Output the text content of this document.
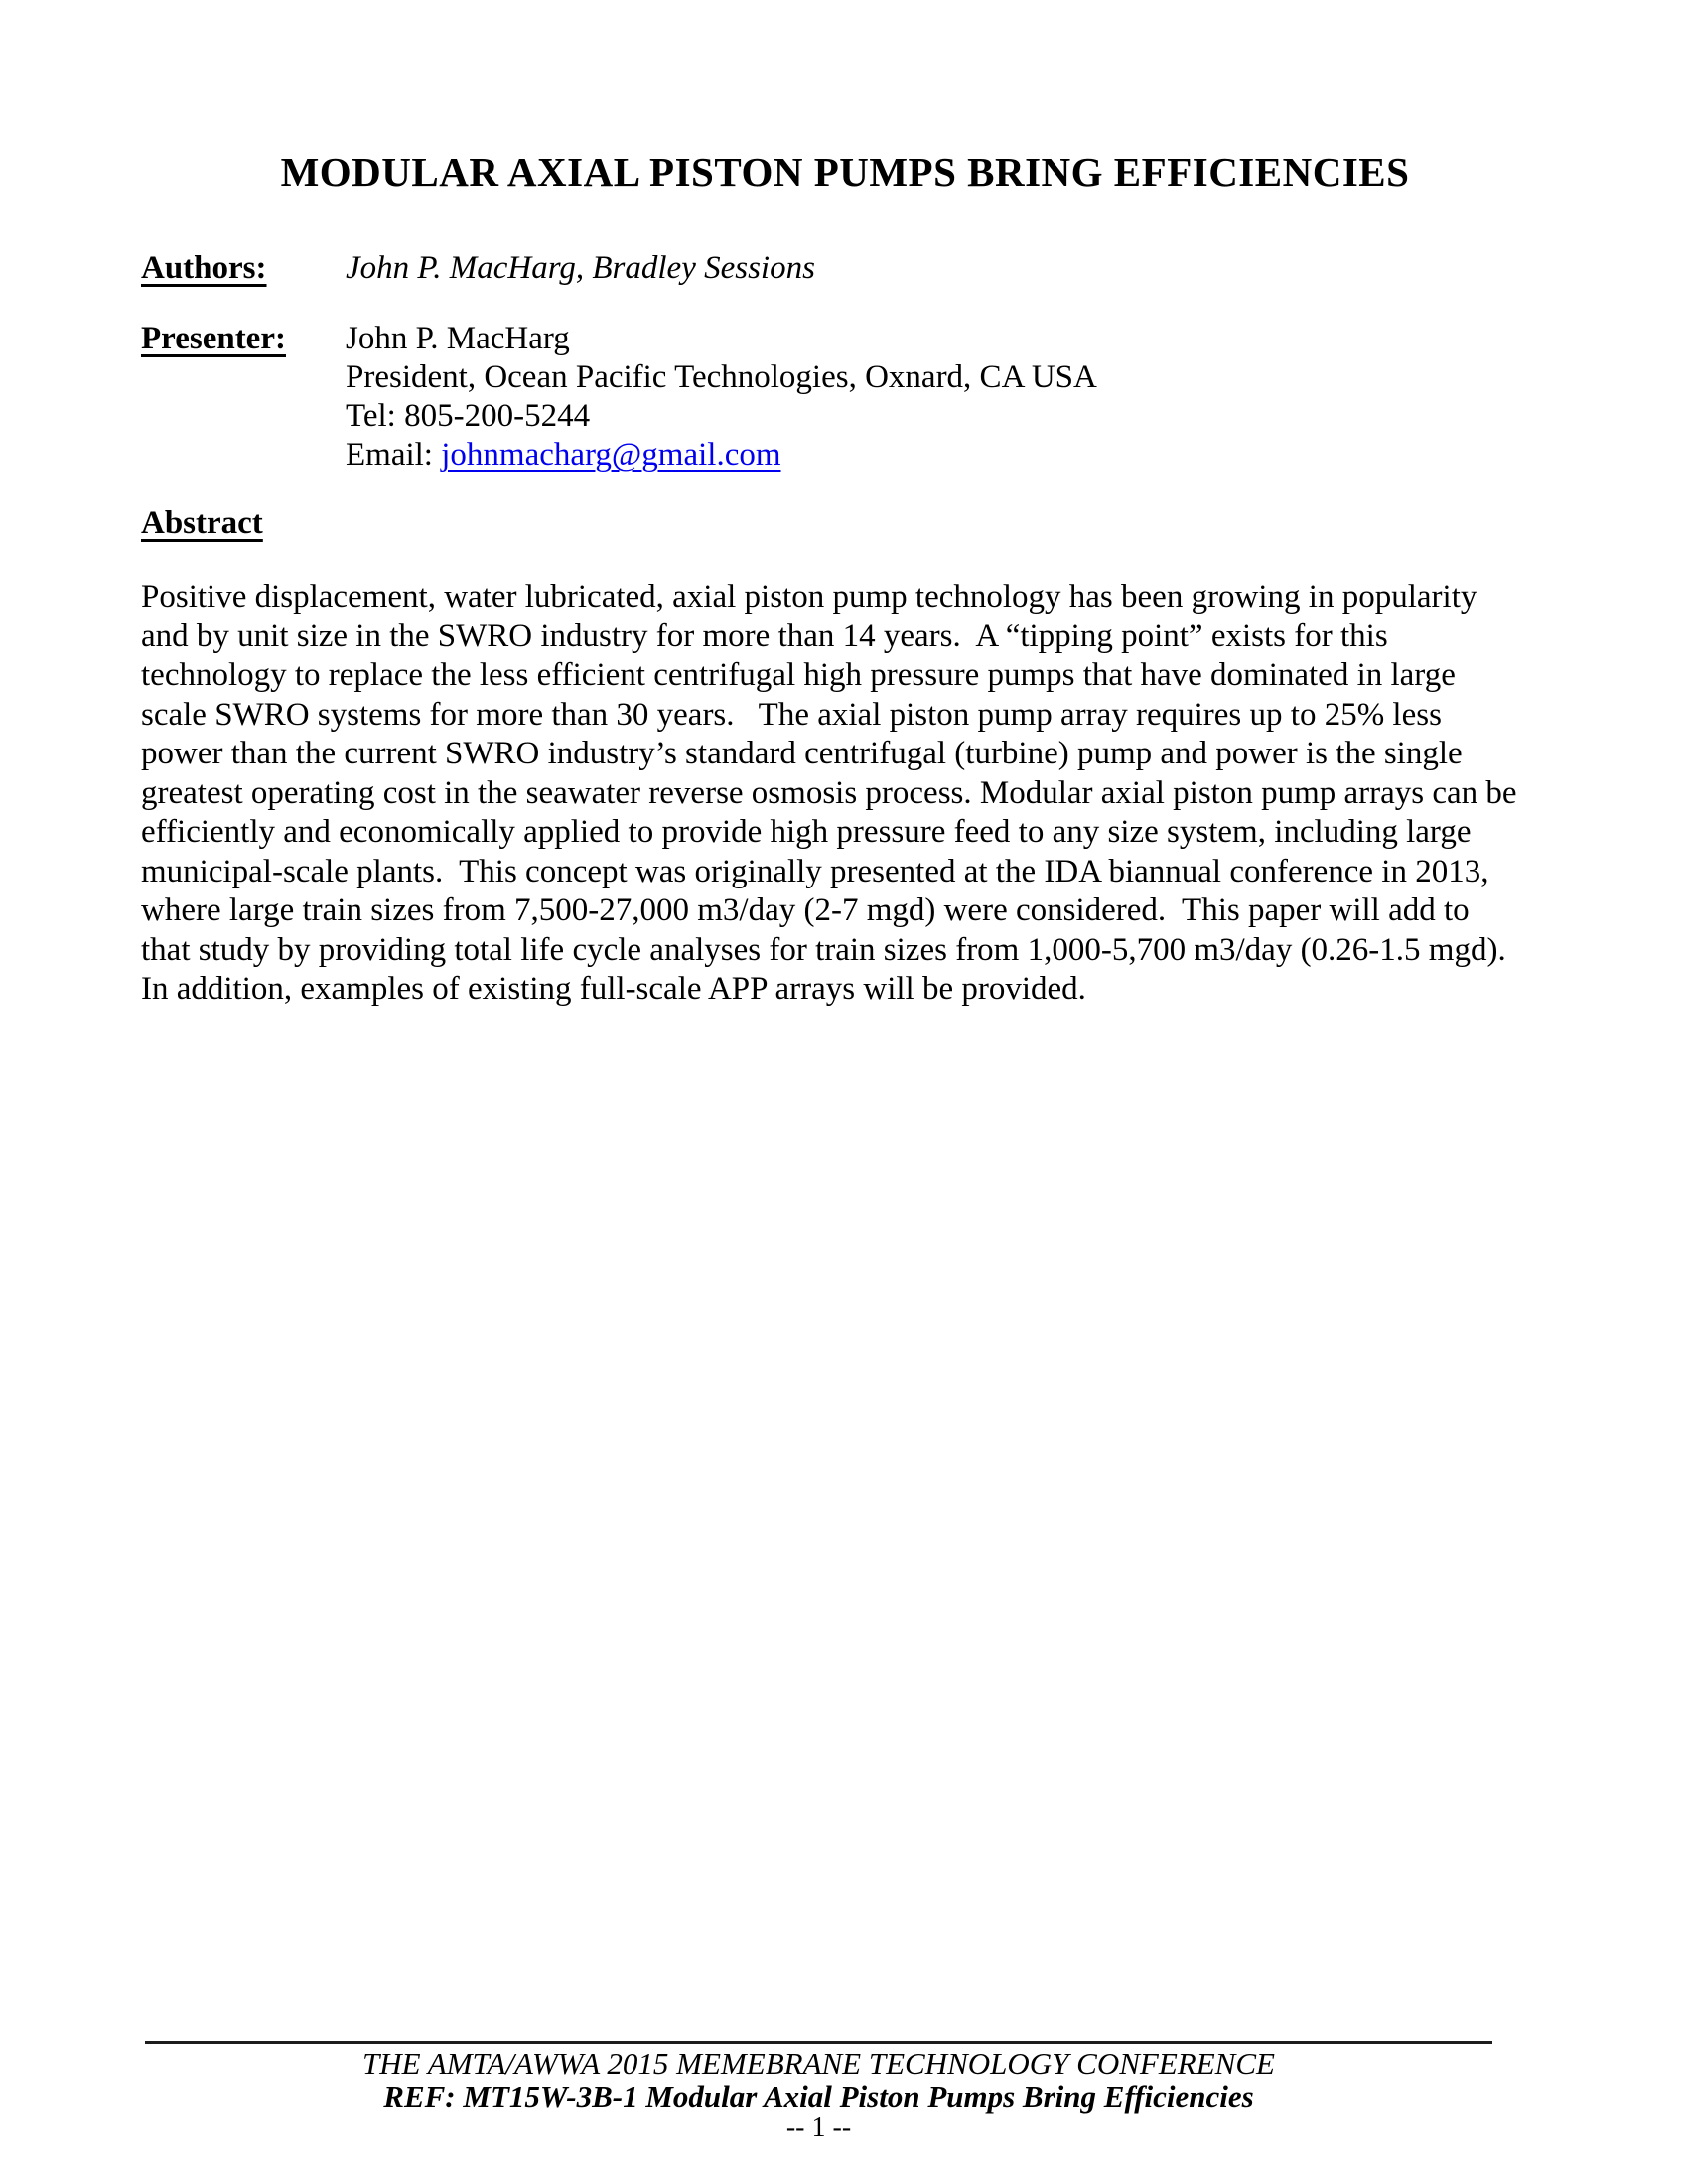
MODULAR AXIAL PISTON PUMPS BRING EFFICIENCIES
Authors:	John P. MacHarg, Bradley Sessions
Presenter:	John P. MacHarg
President, Ocean Pacific Technologies, Oxnard, CA USA
Tel: 805-200-5244
Email: johnmacharg@gmail.com
Abstract
Positive displacement, water lubricated, axial piston pump technology has been growing in popularity
and by unit size in the SWRO industry for more than 14 years.  A “tipping point” exists for this
technology to replace the less efficient centrifugal high pressure pumps that have dominated in large
scale SWRO systems for more than 30 years.   The axial piston pump array requires up to 25% less
power than the current SWRO industry’s standard centrifugal (turbine) pump and power is the single
greatest operating cost in the seawater reverse osmosis process. Modular axial piston pump arrays can be
efficiently and economically applied to provide high pressure feed to any size system, including large
municipal-scale plants.  This concept was originally presented at the IDA biannual conference in 2013,
where large train sizes from 7,500-27,000 m3/day (2-7 mgd) were considered.  This paper will add to
that study by providing total life cycle analyses for train sizes from 1,000-5,700 m3/day (0.26-1.5 mgd).
In addition, examples of existing full-scale APP arrays will be provided.
THE AMTA/AWWA 2015 MEMEBRANE TECHNOLOGY CONFERENCE
REF: MT15W-3B-1 Modular Axial Piston Pumps Bring Efficiencies
-- 1 --
